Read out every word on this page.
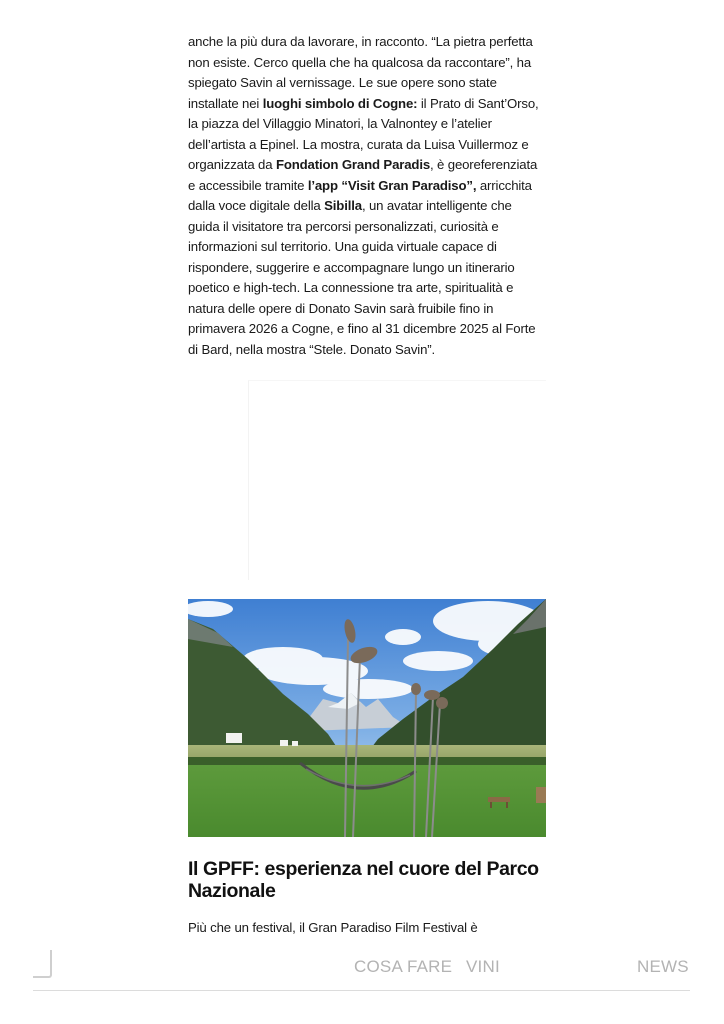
anche la più dura da lavorare, in racconto. “La pietra perfetta non esiste. Cerco quella che ha qualcosa da raccontare”, ha spiegato Savin al vernissage. Le sue opere sono state installate nei luoghi simbolo di Cogne: il Prato di Sant’Orso, la piazza del Villaggio Minatori, la Valnontey e l’atelier dell’artista a Epinel. La mostra, curata da Luisa Vuillermoz e organizzata da Fondation Grand Paradis, è georeferenziata e accessibile tramite l’app “Visit Gran Paradiso”, arricchita dalla voce digitale della Sibilla, un avatar intelligente che guida il visitatore tra percorsi personalizzati, curiosità e informazioni sul territorio. Una guida virtuale capace di rispondere, suggerire e accompagnare lungo un itinerario poetico e high-tech. La connessione tra arte, spiritualità e natura delle opere di Donato Savin sarà fruibile fino in primavera 2026 a Cogne, e fino al 31 dicembre 2025 al Forte di Bard, nella mostra “Stele. Donato Savin”.

Il GPFF: esperienza nel cuore del Parco Nazionale

Più che un festival, il Gran Paradiso Film Festival è

COSA FARE VINI	NEWS
